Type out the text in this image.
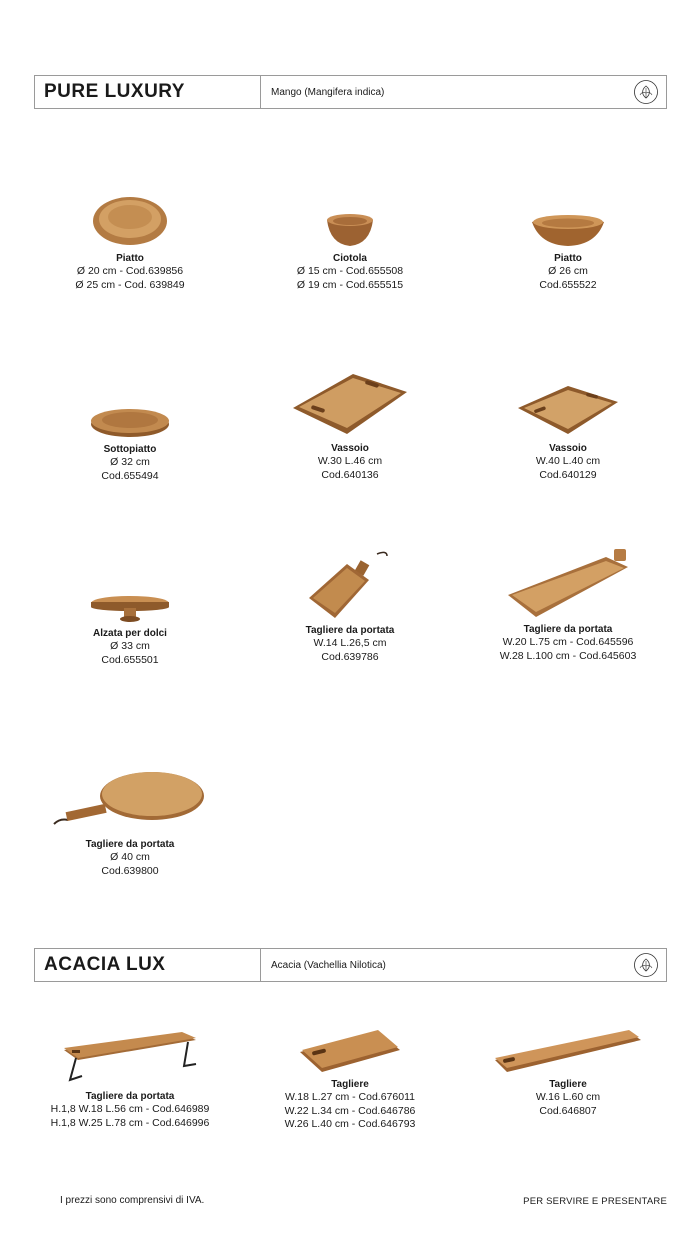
PURE LUXURY	Mango (Mangifera indica)
Piatto
Ø 20 cm - Cod.639856
Ø 25 cm - Cod. 639849
Ciotola
Ø 15 cm - Cod.655508
Ø 19 cm - Cod.655515
Piatto
Ø 26 cm
Cod.655522
Sottopiatto
Ø 32 cm
Cod.655494
Vassoio
W.30 L.46 cm
Cod.640136
Vassoio
W.40 L.40 cm
Cod.640129
Alzata per dolci
Ø 33 cm
Cod.655501
Tagliere da portata
W.14 L.26,5 cm
Cod.639786
Tagliere da portata
W.20 L.75 cm - Cod.645596
W.28 L.100 cm - Cod.645603
Tagliere da portata
Ø 40 cm
Cod.639800
ACACIA LUX	Acacia (Vachellia Nilotica)
Tagliere da portata
H.1,8 W.18 L.56 cm - Cod.646989
H.1,8 W.25 L.78 cm - Cod.646996
Tagliere
W.18 L.27 cm - Cod.676011
W.22 L.34 cm - Cod.646786
W.26 L.40 cm - Cod.646793
Tagliere
W.16 L.60 cm
Cod.646807
I prezzi sono comprensivi di IVA.	PER SERVIRE E PRESENTARE
